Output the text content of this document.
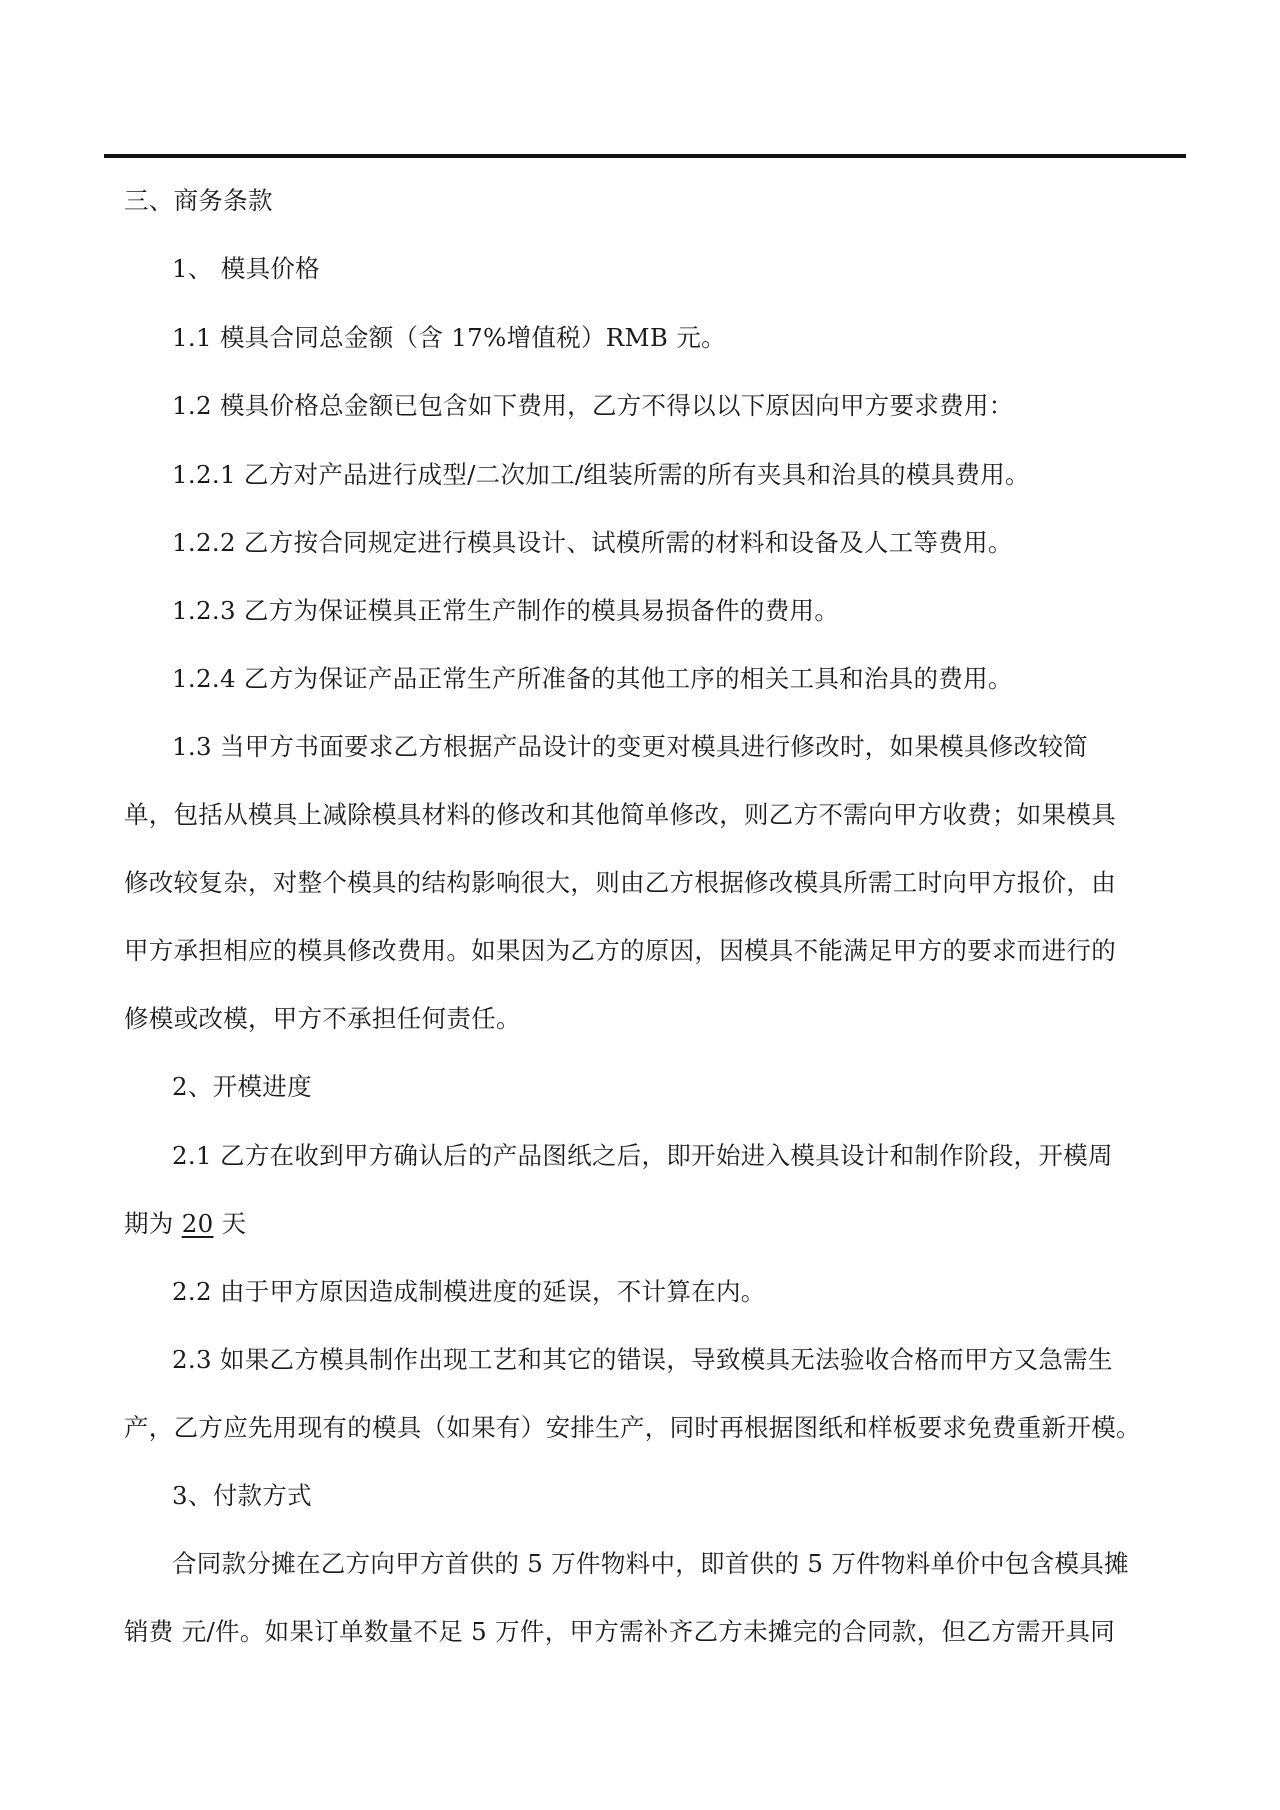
三、商务条款
1、 模具价格
1.1 模具合同总金额（含 17%增值税）RMB 元。
1.2 模具价格总金额已包含如下费用，乙方不得以以下原因向甲方要求费用：
1.2.1 乙方对产品进行成型/二次加工/组装所需的所有夹具和治具的模具费用。
1.2.2 乙方按合同规定进行模具设计、试模所需的材料和设备及人工等费用。
1.2.3 乙方为保证模具正常生产制作的模具易损备件的费用。
1.2.4 乙方为保证产品正常生产所准备的其他工序的相关工具和治具的费用。
1.3 当甲方书面要求乙方根据产品设计的变更对模具进行修改时，如果模具修改较简
单，包括从模具上减除模具材料的修改和其他简单修改，则乙方不需向甲方收费；如果模具
修改较复杂，对整个模具的结构影响很大，则由乙方根据修改模具所需工时向甲方报价，由
甲方承担相应的模具修改费用。如果因为乙方的原因，因模具不能满足甲方的要求而进行的
修模或改模，甲方不承担任何责任。
2、开模进度
2.1 乙方在收到甲方确认后的产品图纸之后，即开始进入模具设计和制作阶段，开模周
期为 20 天
2.2 由于甲方原因造成制模进度的延误，不计算在内。
2.3 如果乙方模具制作出现工艺和其它的错误，导致模具无法验收合格而甲方又急需生
产，乙方应先用现有的模具（如果有）安排生产，同时再根据图纸和样板要求免费重新开模。
3、付款方式
合同款分摊在乙方向甲方首供的 5 万件物料中，即首供的 5 万件物料单价中包含模具摊
销费 元/件。如果订单数量不足 5 万件，甲方需补齐乙方未摊完的合同款，但乙方需开具同
